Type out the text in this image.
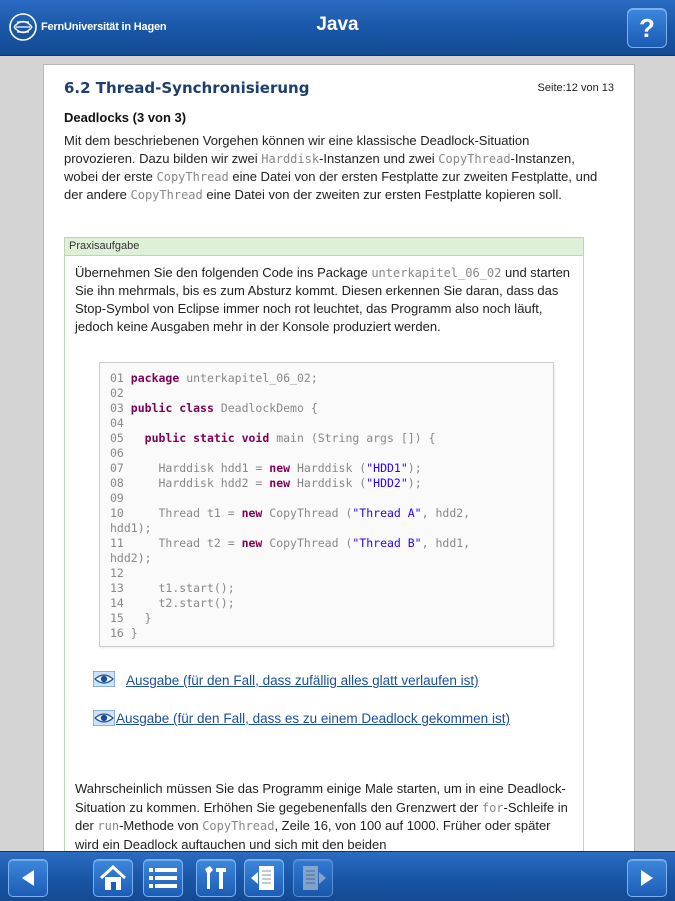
FernUniversität in Hagen	Java	?
6.2 Thread-Synchronisierung	Seite:12 von 13
Deadlocks (3 von 3)
Mit dem beschriebenen Vorgehen können wir eine klassische Deadlock-Situation provozieren. Dazu bilden wir zwei Harddisk-Instanzen und zwei CopyThread-Instanzen, wobei der erste CopyThread eine Datei von der ersten Festplatte zur zweiten Festplatte, und der andere CopyThread eine Datei von der zweiten zur ersten Festplatte kopieren soll.
Praxisaufgabe
Übernehmen Sie den folgenden Code ins Package unterkapitel_06_02 und starten Sie ihn mehrmals, bis es zum Absturz kommt. Diesen erkennen Sie daran, dass das Stop-Symbol von Eclipse immer noch rot leuchtet, das Programm also noch läuft, jedoch keine Ausgaben mehr in der Konsole produziert werden.
01 package unterkapitel_06_02;
02
03 public class DeadlockDemo {
04
05 public static void main (String args []) {
06
07     Harddisk hdd1 = new Harddisk ("HDD1");
08     Harddisk hdd2 = new Harddisk ("HDD2");
09
10     Thread t1 = new CopyThread ("Thread A", hdd2,
hdd1);
11     Thread t2 = new CopyThread ("Thread B", hdd1,
hdd2);
12
13     t1.start();
14     t2.start();
15   }
16 }
Ausgabe (für den Fall, dass zufällig alles glatt verlaufen ist)
Ausgabe (für den Fall, dass es zu einem Deadlock gekommen ist)
Wahrscheinlich müssen Sie das Programm einige Male starten, um in eine Deadlock-Situation zu kommen. Erhöhen Sie gegebenenfalls den Grenzwert der for-Schleife in der run-Methode von CopyThread, Zeile 16, von 100 auf 1000. Früher oder später wird ein Deadlock auftauchen und sich mit den beiden
